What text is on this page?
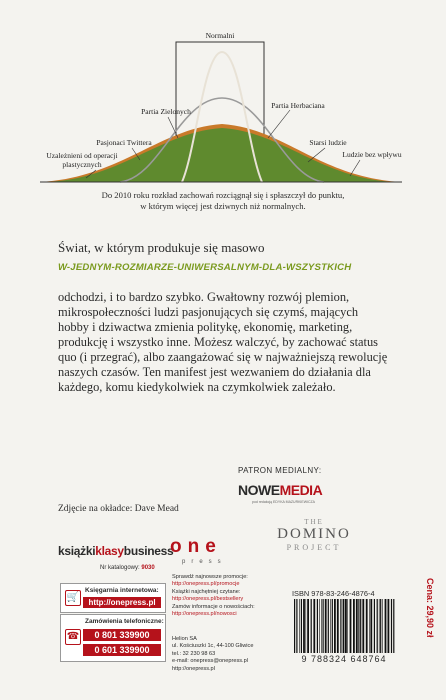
Normalni
Partia Zielonych
Partia Herbaciana
Pasjonaci Twittera	Starsi ludzie
Uzależnieni od operacji
plastycznych
Ludzie bez wpływu
Do 2010 roku rozkład zachowań rozciągnął się i spłaszczył do punktu,
w którym więcej jest dziwnych niż normalnych.
Świat, w którym produkuje się masowo
W-JEDNYM-ROZMIARZE-UNIWERSALNYM-DLA-WSZYSTKICH
odchodzi, i to bardzo szybko. Gwałtowny rozwój plemion, mikrospołeczności ludzi pasjonujących się czymś, mających hobby i dziwactwa zmienia politykę, ekonomię, marketing, produkcję i wszystko inne. Możesz walczyć, by zachować status quo (i przegrać), albo zaangażować się w najważniejszą rewolucję naszych czasów. Ten manifest jest wezwaniem do działania dla każdego, komu kiedykolwiek na czymkolwiek zależało.
PATRON MEDIALNY:
NOWEMEDIA
pod redakcją EDYKA MAZURKIEWICZA
Zdjęcie na okładce: Dave Mead
THE
DOMINO
PROJECT
książkiklasybusiness
one
press
Nr katalogowy: 9030
🛒
Księgarnia internetowa:
http://onepress.pl
☎
Zamówienia telefoniczne:
0 801 339900
0 601 339900
Sprawdź najnowsze promocje:
http://onepress.pl/promocje
Książki najchętniej czytane:
http://onepress.pl/bestsellery
Zamów informacje o nowościach:
http://onepress.pl/nowosci
Helion SA
ul. Kościuszki 1c, 44-100 Gliwice
tel.: 32 230 98 63
e-mail: onepress@onepress.pl
http://onepress.pl
ISBN 978-83-246-4876-4
9 788324 648764
Cena: 29,90 zł
